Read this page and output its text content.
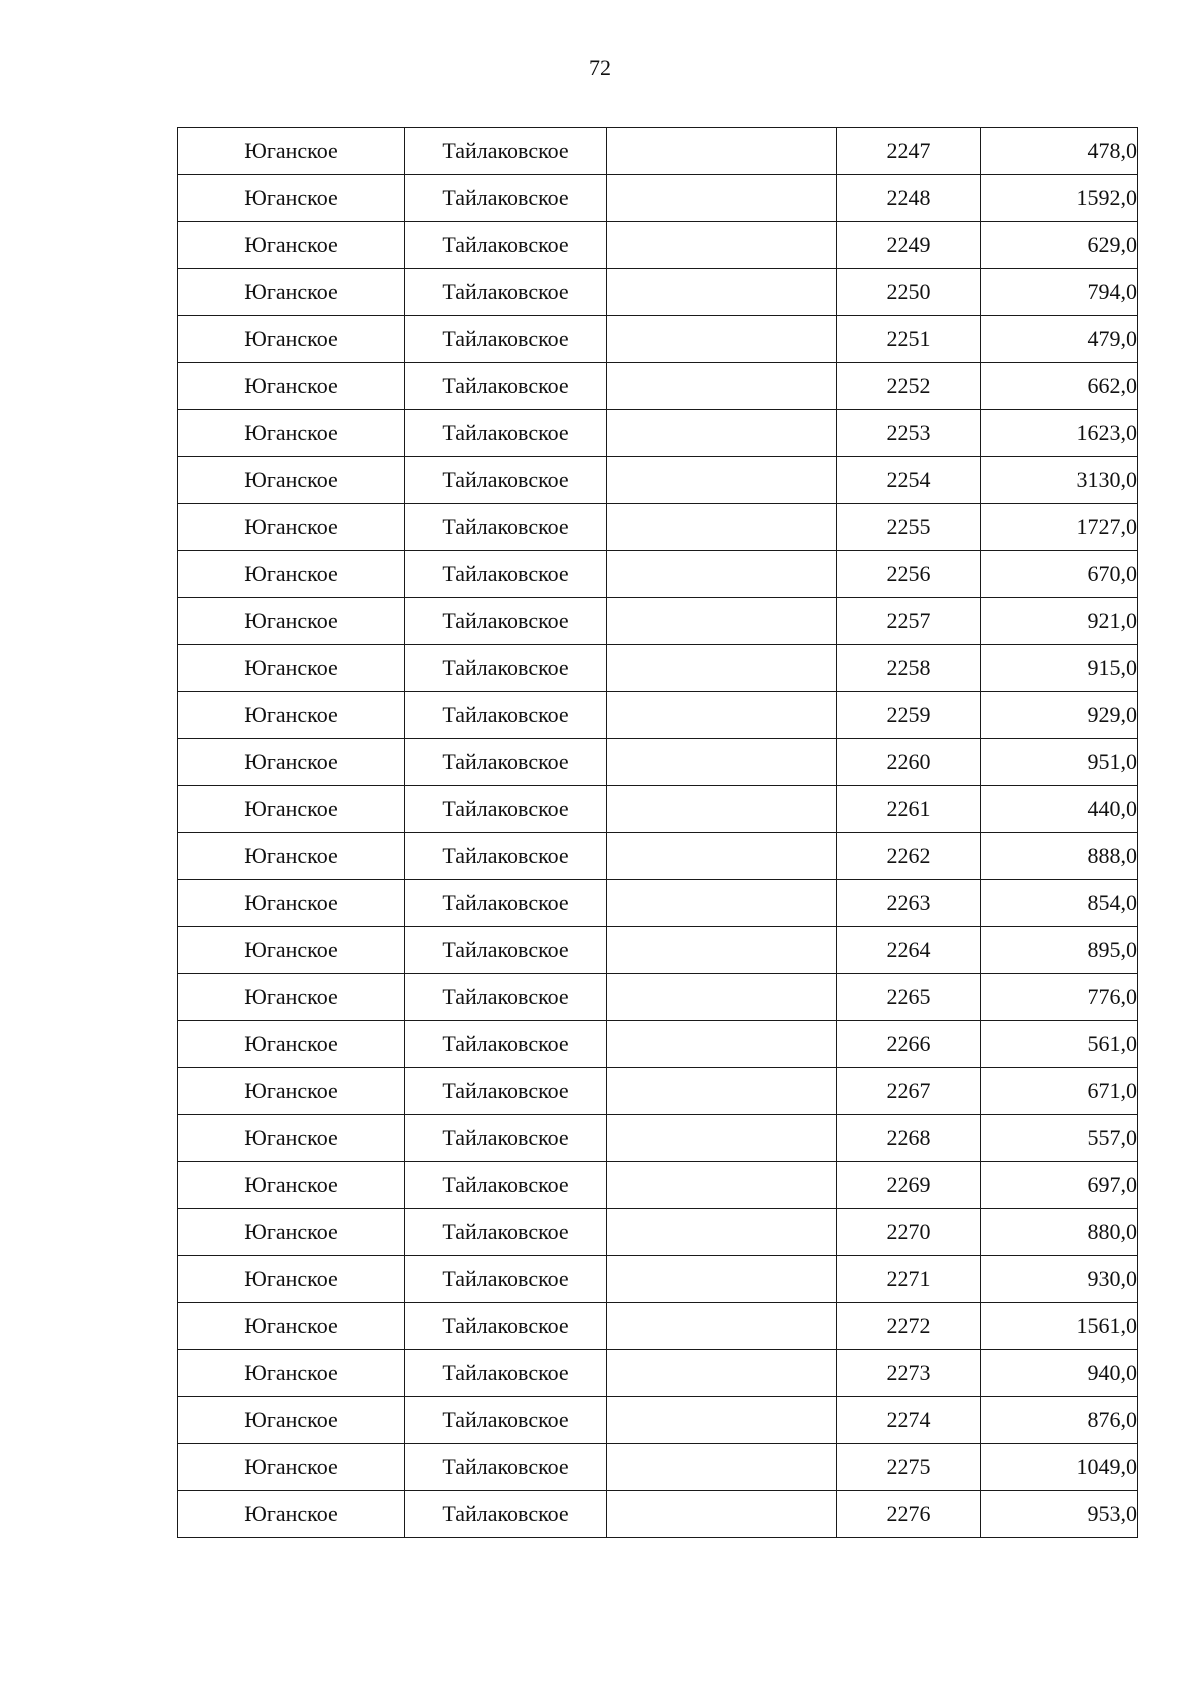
72
Юганское	Тайлаковское		2247	478,0
Юганское	Тайлаковское		2248	1592,0
Юганское	Тайлаковское		2249	629,0
Юганское	Тайлаковское		2250	794,0
Юганское	Тайлаковское		2251	479,0
Юганское	Тайлаковское		2252	662,0
Юганское	Тайлаковское		2253	1623,0
Юганское	Тайлаковское		2254	3130,0
Юганское	Тайлаковское		2255	1727,0
Юганское	Тайлаковское		2256	670,0
Юганское	Тайлаковское		2257	921,0
Юганское	Тайлаковское		2258	915,0
Юганское	Тайлаковское		2259	929,0
Юганское	Тайлаковское		2260	951,0
Юганское	Тайлаковское		2261	440,0
Юганское	Тайлаковское		2262	888,0
Юганское	Тайлаковское		2263	854,0
Юганское	Тайлаковское		2264	895,0
Юганское	Тайлаковское		2265	776,0
Юганское	Тайлаковское		2266	561,0
Юганское	Тайлаковское		2267	671,0
Юганское	Тайлаковское		2268	557,0
Юганское	Тайлаковское		2269	697,0
Юганское	Тайлаковское		2270	880,0
Юганское	Тайлаковское		2271	930,0
Юганское	Тайлаковское		2272	1561,0
Юганское	Тайлаковское		2273	940,0
Юганское	Тайлаковское		2274	876,0
Юганское	Тайлаковское		2275	1049,0
Юганское	Тайлаковское		2276	953,0
